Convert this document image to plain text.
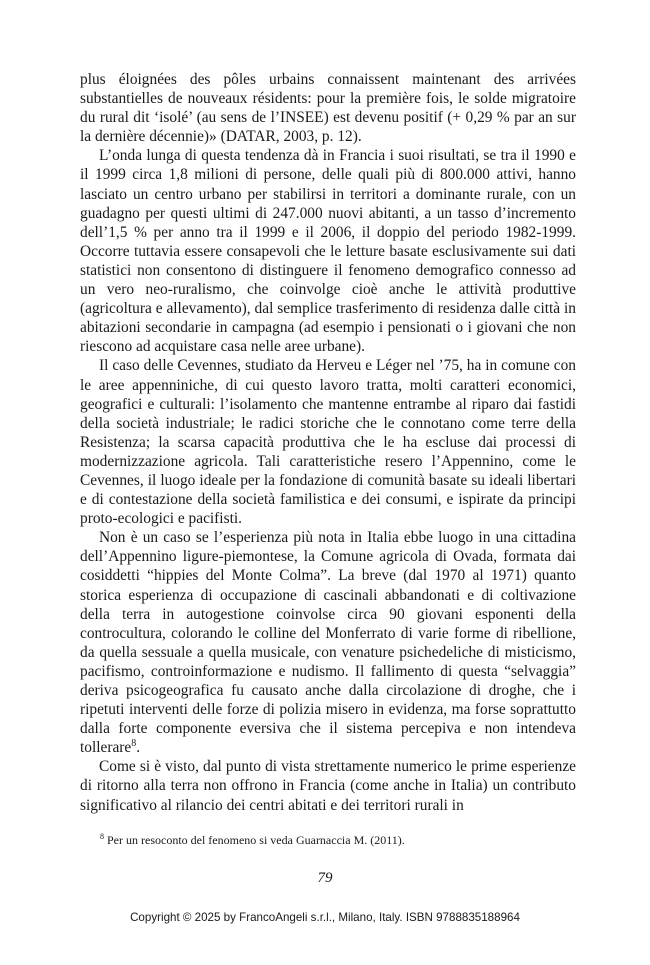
plus éloignées des pôles urbains connaissent maintenant des arrivées substantielles de nouveaux résidents: pour la première fois, le solde migratoire du rural dit ‘isolé’ (au sens de l’INSEE) est devenu positif (+ 0,29 % par an sur la dernière décennie)» (DATAR, 2003, p. 12).

L’onda lunga di questa tendenza dà in Francia i suoi risultati, se tra il 1990 e il 1999 circa 1,8 milioni di persone, delle quali più di 800.000 attivi, hanno lasciato un centro urbano per stabilirsi in territori a dominante rurale, con un guadagno per questi ultimi di 247.000 nuovi abitanti, a un tasso d’incremento dell’1,5 % per anno tra il 1999 e il 2006, il doppio del periodo 1982-1999. Occorre tuttavia essere consapevoli che le letture basate esclusivamente sui dati statistici non consentono di distinguere il fenomeno demografico connesso ad un vero neo-ruralismo, che coinvolge cioè anche le attività produttive (agricoltura e allevamento), dal semplice trasferimento di residenza dalle città in abitazioni secondarie in campagna (ad esempio i pensionati o i giovani che non riescono ad acquistare casa nelle aree urbane).

Il caso delle Cevennes, studiato da Herveu e Léger nel ’75, ha in comune con le aree appenniniche, di cui questo lavoro tratta, molti caratteri economici, geografici e culturali: l’isolamento che mantenne entrambe al riparo dai fastidi della società industriale; le radici storiche che le connotano come terre della Resistenza; la scarsa capacità produttiva che le ha escluse dai processi di modernizzazione agricola. Tali caratteristiche resero l’Appennino, come le Cevennes, il luogo ideale per la fondazione di comunità basate su ideali libertari e di contestazione della società familistica e dei consumi, e ispirate da principi proto-ecologici e pacifisti.

Non è un caso se l’esperienza più nota in Italia ebbe luogo in una cittadina dell’Appennino ligure-piemontese, la Comune agricola di Ovada, formata dai cosiddetti “hippies del Monte Colma”. La breve (dal 1970 al 1971) quanto storica esperienza di occupazione di cascinali abbandonati e di coltivazione della terra in autogestione coinvolse circa 90 giovani esponenti della controcultura, colorando le colline del Monferrato di varie forme di ribellione, da quella sessuale a quella musicale, con venature psichedeliche di misticismo, pacifismo, controinformazione e nudismo. Il fallimento di questa “selvaggia” deriva psicogeografica fu causato anche dalla circolazione di droghe, che i ripetuti interventi delle forze di polizia misero in evidenza, ma forse soprattutto dalla forte componente eversiva che il sistema percepiva e non intendeva tollerare$^8$.

Come si è visto, dal punto di vista strettamente numerico le prime esperienze di ritorno alla terra non offrono in Francia (come anche in Italia) un contributo significativo al rilancio dei centri abitati e dei territori rurali in

$^8$ Per un resoconto del fenomeno si veda Guarnaccia M. (2011).
79
Copyright © 2025 by FrancoAngeli s.r.l., Milano, Italy. ISBN 9788835188964
